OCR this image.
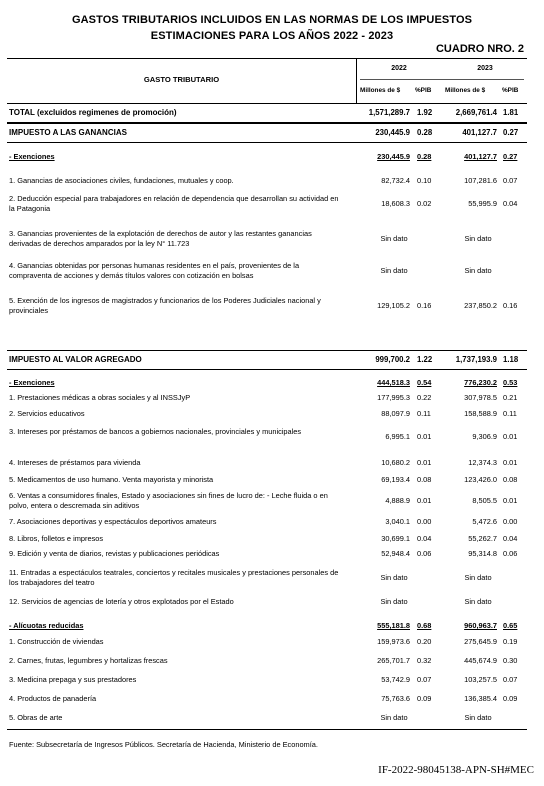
GASTOS TRIBUTARIOS INCLUIDOS EN LAS NORMAS DE LOS IMPUESTOS
ESTIMACIONES PARA LOS AÑOS 2022 - 2023
CUADRO NRO. 2
GASTO TRIBUTARIO
2022	2023
Millones de $ %PIB Millones de $	%PIB
TOTAL (excluidos regimenes de promoción)	1,571,289.7 1.92	2,669,761.4 1.81
IMPUESTO A LAS GANANCIAS	230,445.9 0.28	401,127.7 0.27
- Exenciones	230,445.9 0.28	401,127.7 0.27
1. Ganancias de asociaciones civiles, fundaciones, mutuales y coop.	82,732.4 0.10	107,281.6 0.07
2. Deducción especial para trabajadores en relación de dependencia que desarrollan su actividad en la Patagonia
18,608.3 0.02	55,995.9 0.04
3. Ganancias provenientes de la explotación de derechos de autor y las restantes ganancias derivadas de derechos amparados por la ley N° 11.723
Sin dato	Sin dato
4. Ganancias obtenidas por personas humanas residentes en el país, provenientes de la compraventa de acciones y demás títulos valores con cotización en bolsas
Sin dato	Sin dato
5. Exención de los ingresos de magistrados y funcionarios de los Poderes Judiciales nacional y provinciales
129,105.2 0.16	237,850.2 0.16
IMPUESTO AL VALOR AGREGADO	999,700.2 1.22	1,737,193.9 1.18
- Exenciones	444,518.3 0.54	776,230.2 0.53
1. Prestaciones médicas a obras sociales y al INSSJyP	177,995.3 0.22	307,978.5 0.21
2. Servicios educativos	88,097.9 0.11	158,588.9 0.11
3. Intereses por préstamos de bancos a gobiernos nacionales, provinciales y municipales
6,995.1 0.01	9,306.9 0.01
4. Intereses de préstamos para vivienda	10,680.2 0.01	12,374.3 0.01
5. Medicamentos de uso humano. Venta mayorista y minorista	69,193.4 0.08	123,426.0 0.08
6. Ventas a consumidores finales, Estado y asociaciones sin fines de lucro de: - Leche fluida o en polvo, entera o descremada sin aditivos
4,888.9 0.01	8,505.5 0.01
7. Asociaciones deportivas y espectáculos deportivos amateurs	3,040.1 0.00	5,472.6 0.00
8. Libros, folletos e impresos	30,699.1 0.04	55,262.7 0.04
9. Edición y venta de diarios, revistas y publicaciones periódicas	52,948.4 0.06	95,314.8 0.06
11. Entradas a espectáculos teatrales, conciertos y recitales musicales y prestaciones personales de los trabajadores del teatro
Sin dato	Sin dato
12. Servicios de agencias de lotería y otros explotados por el Estado	Sin dato	Sin dato
- Alícuotas reducidas	555,181.8 0.68	960,963.7 0.65
1. Construcción de viviendas	159,973.6 0.20	275,645.9 0.19
2. Carnes, frutas, legumbres y hortalizas frescas	265,701.7 0.32	445,674.9 0.30
3. Medicina prepaga y sus prestadores	53,742.9 0.07	103,257.5 0.07
4. Productos de panadería	75,763.6 0.09	136,385.4 0.09
5. Obras de arte	Sin dato	Sin dato
Fuente: Subsecretaría de Ingresos Públicos. Secretaría de Hacienda, Ministerio de Economía.
IF-2022-98045138-APN-SH#MEC
